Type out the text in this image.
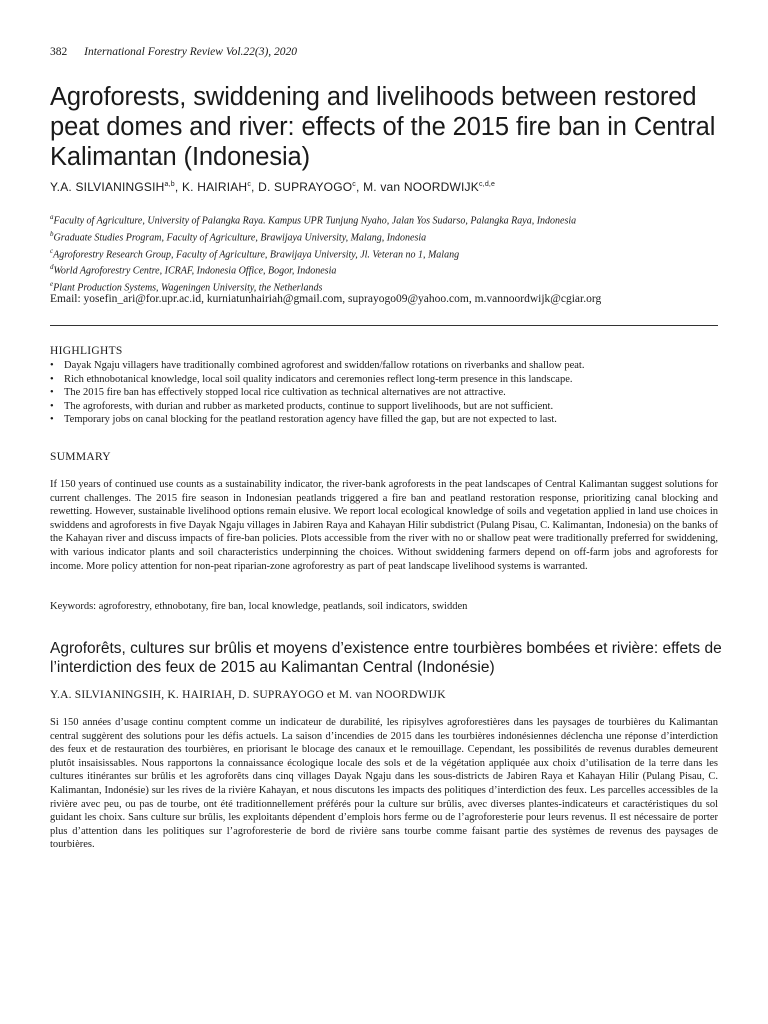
382 International Forestry Review Vol.22(3), 2020
Agroforests, swiddening and livelihoods between restored peat domes and river: effects of the 2015 fire ban in Central Kalimantan (Indonesia)
Y.A. SILVIANINGSIH$^{a,b}$, K. HAIRIAH$^c$, D. SUPRAYOGO$^c$, M. van NOORDWIJK$^{c,d,e}$
$^a$Faculty of Agriculture, University of Palangka Raya. Kampus UPR Tunjung Nyaho, Jalan Yos Sudarso, Palangka Raya, Indonesia
$^b$Graduate Studies Program, Faculty of Agriculture, Brawijaya University, Malang, Indonesia
$^c$Agroforestry Research Group, Faculty of Agriculture, Brawijaya University, Jl. Veteran no 1, Malang
$^d$World Agroforestry Centre, ICRAF, Indonesia Office, Bogor, Indonesia
$^e$Plant Production Systems, Wageningen University, the Netherlands
Email: yosefin_ari@for.upr.ac.id, kurniatunhairiah@gmail.com, suprayogo09@yahoo.com, m.vannoordwijk@cgiar.org
HIGHLIGHTS
• Dayak Ngaju villagers have traditionally combined agroforest and swidden/fallow rotations on riverbanks and shallow peat.
• Rich ethnobotanical knowledge, local soil quality indicators and ceremonies reflect long-term presence in this landscape.
• The 2015 fire ban has effectively stopped local rice cultivation as technical alternatives are not attractive.
• The agroforests, with durian and rubber as marketed products, continue to support livelihoods, but are not sufficient.
• Temporary jobs on canal blocking for the peatland restoration agency have filled the gap, but are not expected to last.
SUMMARY

If 150 years of continued use counts as a sustainability indicator, the river-bank agroforests in the peat landscapes of Central Kalimantan suggest solutions for current challenges. The 2015 fire season in Indonesian peatlands triggered a fire ban and peatland restoration response, prioritizing canal blocking and rewetting. However, sustainable livelihood options remain elusive. We report local ecological knowledge of soils and vegetation applied in land use choices in swiddens and agroforests in five Dayak Ngaju villages in Jabiren Raya and Kahayan Hilir subdistrict (Pulang Pisau, C. Kalimantan, Indonesia) on the banks of the Kahayan river and discuss impacts of fire-ban policies. Plots accessible from the river with no or shallow peat were traditionally preferred for swiddening, with various indicator plants and soil characteristics underpinning the choices. Without swiddening farmers depend on off-farm jobs and agroforests for income. More policy attention for non-peat riparian-zone agroforestry as part of peat landscape livelihood systems is warranted.

Keywords: agroforestry, ethnobotany, fire ban, local knowledge, peatlands, soil indicators, swidden
Agroforêts, cultures sur brûlis et moyens d’existence entre tourbières bombées et rivière: effets de l’interdiction des feux de 2015 au Kalimantan Central (Indonésie)
Y.A. SILVIANINGSIH, K. HAIRIAH, D. SUPRAYOGO et M. van NOORDWIJK

Si 150 années d’usage continu comptent comme un indicateur de durabilité, les ripisylves agroforestières dans les paysages de tourbières du Kalimantan central suggèrent des solutions pour les défis actuels. La saison d’incendies de 2015 dans les tourbières indonésiennes déclencha une réponse d’interdiction des feux et de restauration des tourbières, en priorisant le blocage des canaux et le remouillage. Cependant, les possibilités de revenus durables demeurent plutôt insaisissables. Nous rapportons la connaissance écologique locale des sols et de la végétation appliquée aux choix d’utilisation de la terre dans les cultures itinérantes sur brûlis et les agroforêts dans cinq villages Dayak Ngaju dans les sous-districts de Jabiren Raya et Kahayan Hilir (Pulang Pisau, C. Kalimantan, Indonésie) sur les rives de la rivière Kahayan, et nous discutons les impacts des politiques d’interdiction des feux. Les parcelles accessibles de la rivière avec peu, ou pas de tourbe, ont été traditionnellement préférés pour la culture sur brûlis, avec diverses plantes-indicateurs et caractéristiques du sol guidant les choix. Sans culture sur brûlis, les exploitants dépendent d’emplois hors ferme ou de l’agroforesterie pour leurs revenus. Il est nécessaire de porter plus d’attention dans les politiques sur l’agroforesterie de bord de rivière sans tourbe comme faisant partie des systèmes de revenus des paysages de tourbières.
